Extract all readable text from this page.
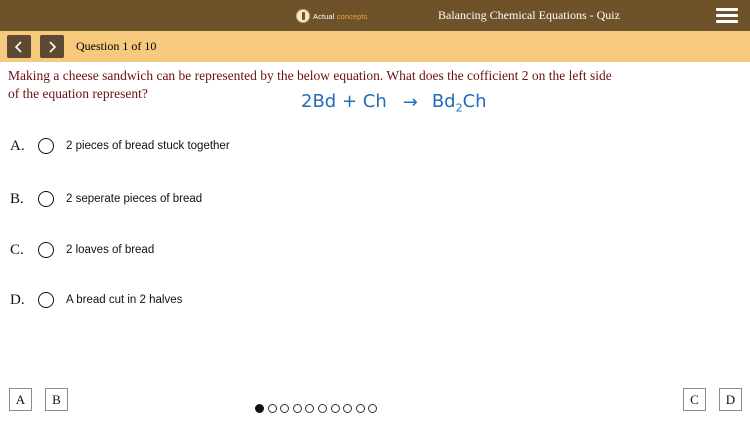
Actual concepts	Balancing Chemical Equations - Quiz
Question 1 of 10
Making a cheese sandwich can be represented by the below equation. What does the cofficient 2 on the left side of the equation represent?	$2Bd + Ch \to Bd_2Ch$
A.	2 pieces of bread stuck together
B.	2 seperate pieces of bread
C.	2 loaves of bread
D.	A bread cut in 2 halves
A	B	C	D
